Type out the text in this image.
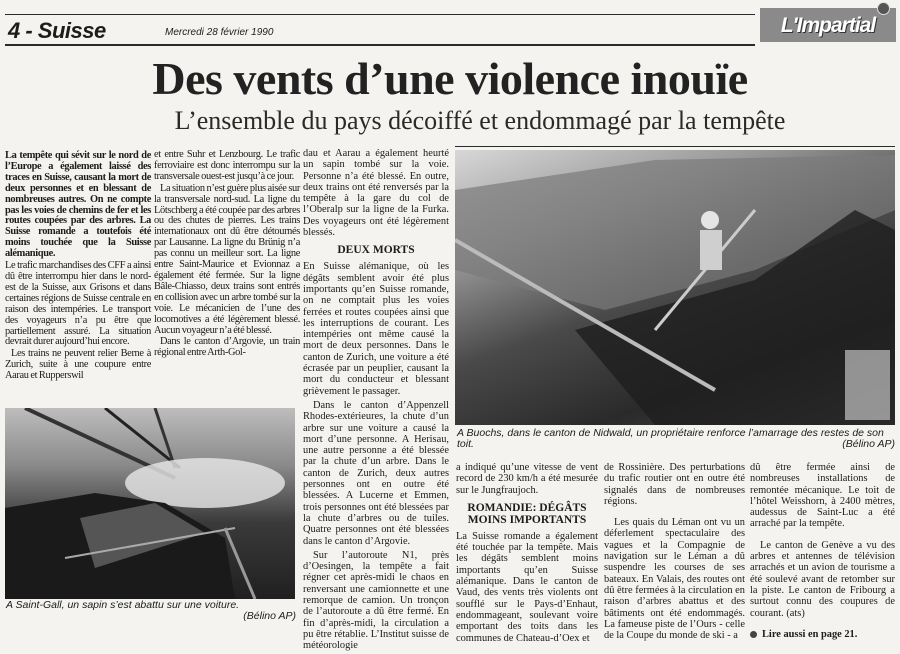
4 - Suisse	Mercredi 28 février 1990	L'Impartial
Des vents d’une violence inouïe
L’ensemble du pays décoiffé et endommagé par la tempête

La tempête qui sévit sur le nord de l’Europe a également laissé des traces en Suisse, causant la mort de deux personnes et en blessant de nombreuses autres. On ne compte pas les voies de chemins de fer et les routes coupées par des arbres. La Suisse romande a toutefois été moins touchée que la Suisse alémanique.

Le trafic marchandises des CFF a ainsi dû être interrompu hier dans le nord-est de la Suisse, aux Grisons et dans certaines régions de Suisse centrale en raison des intempéries. Le transport des voyageurs n’a pu être que partiellement assuré. La situation devrait durer aujourd’hui encore.

Les trains ne peuvent relier Berne à Zurich, suite à une coupure entre Aarau et Rupperswil

et entre Suhr et Lenzbourg. Le trafic ferroviaire est donc interrompu sur la transversale ouest-est jusqu’à ce jour.

La situation n’est guère plus aisée sur la transversale nord-sud. La ligne du Lötschberg a été coupée par des arbres ou des chutes de pierres. Les trains internationaux ont dû être détournés par Lausanne. La ligne du Brünig n’a pas connu un meilleur sort. La ligne entre Saint-Maurice et Evionnaz a également été fermée. Sur la ligne Bâle-Chiasso, deux trains sont entrés en collision avec un arbre tombé sur la voie. Le mécanicien de l’une des locomotives a été légèrement blessé. Aucun voyageur n’a été blessé.

Dans le canton d’Argovie, un train régional entre Arth-Gol-

dau et Aarau a également heurté un sapin tombé sur la voie. Personne n’a été blessé. En outre, deux trains ont été renversés par la tempête à la gare du col de l’Oberalp sur la ligne de la Furka. Des voyageurs ont été légèrement blessés.

DEUX MORTS

En Suisse alémanique, où les dégâts semblent avoir été plus importants qu’en Suisse romande, on ne comptait plus les voies ferrées et routes coupées ainsi que les interruptions de courant. Les intempéries ont même causé la mort de deux personnes. Dans le canton de Zurich, une voiture a été écrasée par un peuplier, causant la mort du conducteur et blessant grièvement le passager.

Dans le canton d’Appenzell Rhodes-extérieures, la chute d’un arbre sur une voiture a causé la mort d’une personne. A Herisau, une autre personne a été blessée par la chute d’un arbre. Dans le canton de Zurich, deux autres personnes ont en outre été blessées. A Lucerne et Emmen, trois personnes ont été blessées par la chute d’arbres ou de tuiles. Quatre personnes ont été blessées dans le canton d’Argovie.

Sur l’autoroute N1, près d’Oesingen, la tempête a fait régner cet après-midi le chaos en renversant une camionnette et une remorque de camion. Un tronçon de l’autoroute a dû être fermé. En fin d’après-midi, la circulation a pu être rétablie. L’Institut suisse de météorologie

A Buochs, dans le canton de Nidwald, un propriétaire renforce l’amarrage des restes de son toit.	(Bélino AP)

a indiqué qu’une vitesse de vent record de 230 km/h a été mesurée sur le Jungfraujoch.

ROMANDIE: DÉGÂTS MOINS IMPORTANTS

La Suisse romande a également été touchée par la tempête. Mais les dégâts semblent moins importants qu’en Suisse alémanique. Dans le canton de Vaud, des vents très violents ont soufflé sur le Pays-d’Enhaut, endommageant, soulevant voire emportant des toits dans les communes de Chateau-d’Oex et

de Rossinière. Des perturbations du trafic routier ont en outre été signalés dans de nombreuses régions.

Les quais du Léman ont vu un déferlement spectaculaire des vagues et la Compagnie de navigation sur le Léman a dû suspendre les courses de ses bateaux. En Valais, des routes ont dû être fermées à la circulation en raison d’arbres abattus et des bâtiments ont été endommagés. La fameuse piste de l’Ours - celle de la Coupe du monde de ski - a

dû être fermée ainsi de nombreuses installations de remontée mécanique. Le toit de l’hôtel Weisshorn, à 2400 mètres, audessus de Saint-Luc a été arraché par la tempête.

Le canton de Genève a vu des arbres et antennes de télévision arrachés et un avion de tourisme a été soulevé avant de retomber sur la piste. Le canton de Fribourg a surtout connu des coupures de courant. (ats)

Lire aussi en page 21.

A Saint-Gall, un sapin s’est abattu sur une voiture.
(Bélino AP)
